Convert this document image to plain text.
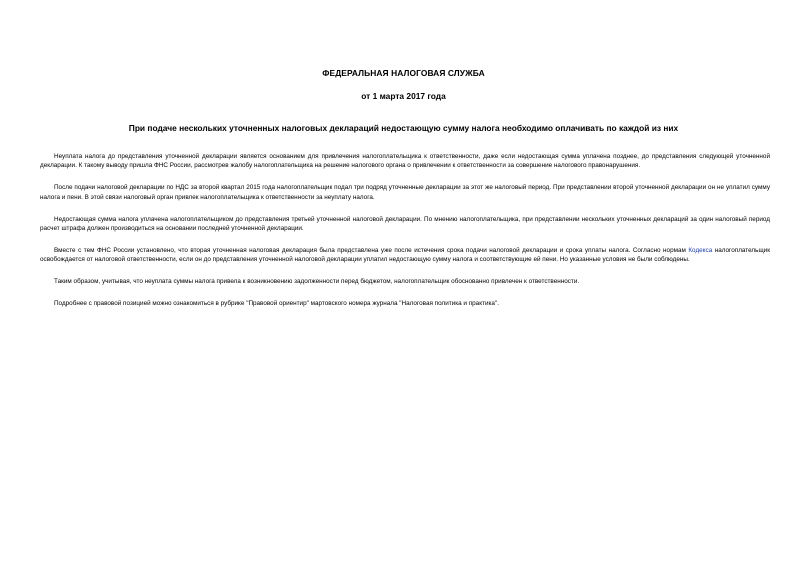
ФЕДЕРАЛЬНАЯ НАЛОГОВАЯ СЛУЖБА
от 1 марта 2017 года
При подаче нескольких уточненных налоговых деклараций недостающую сумму налога необходимо оплачивать по каждой из них

Неуплата налога до представления уточненной декларации является основанием для привлечения налогоплательщика к ответственности, даже если недостающая сумма уплачена позднее, до представления следующей уточненной декларации. К такому выводу пришла ФНС России, рассмотрев жалобу налогоплательщика на решение налогового органа о привлечении к ответственности за совершение налогового правонарушения.

После подачи налоговой декларации по НДС за второй квартал 2015 года налогоплательщик подал три подряд уточненные декларации за этот же налоговый период. При представлении второй уточненной декларации он не уплатил сумму налога и пени. В этой связи налоговый орган привлек налогоплательщика к ответственности за неуплату налога.

Недостающая сумма налога уплачена налогоплательщиком до представления третьей уточненной налоговой декларации. По мнению налогоплательщика, при представлении нескольких уточненных деклараций за один налоговый период расчет штрафа должен производиться на основании последней уточненной декларации.

Вместе с тем ФНС России установлено, что вторая уточненная налоговая декларация была представлена уже после истечения срока подачи налоговой декларации и срока уплаты налога. Согласно нормам Кодекса налогоплательщик освобождается от налоговой ответственности, если он до представления уточненной налоговой декларации уплатил недостающую сумму налога и соответствующие ей пени. Но указанные условия не были соблюдены.

Таким образом, учитывая, что неуплата суммы налога привела к возникновению задолженности перед бюджетом, налогоплательщик обоснованно привлечен к ответственности.

Подробнее с правовой позицией можно ознакомиться в рубрике "Правовой ориентир" мартовского номера журнала "Налоговая политика и практика".
